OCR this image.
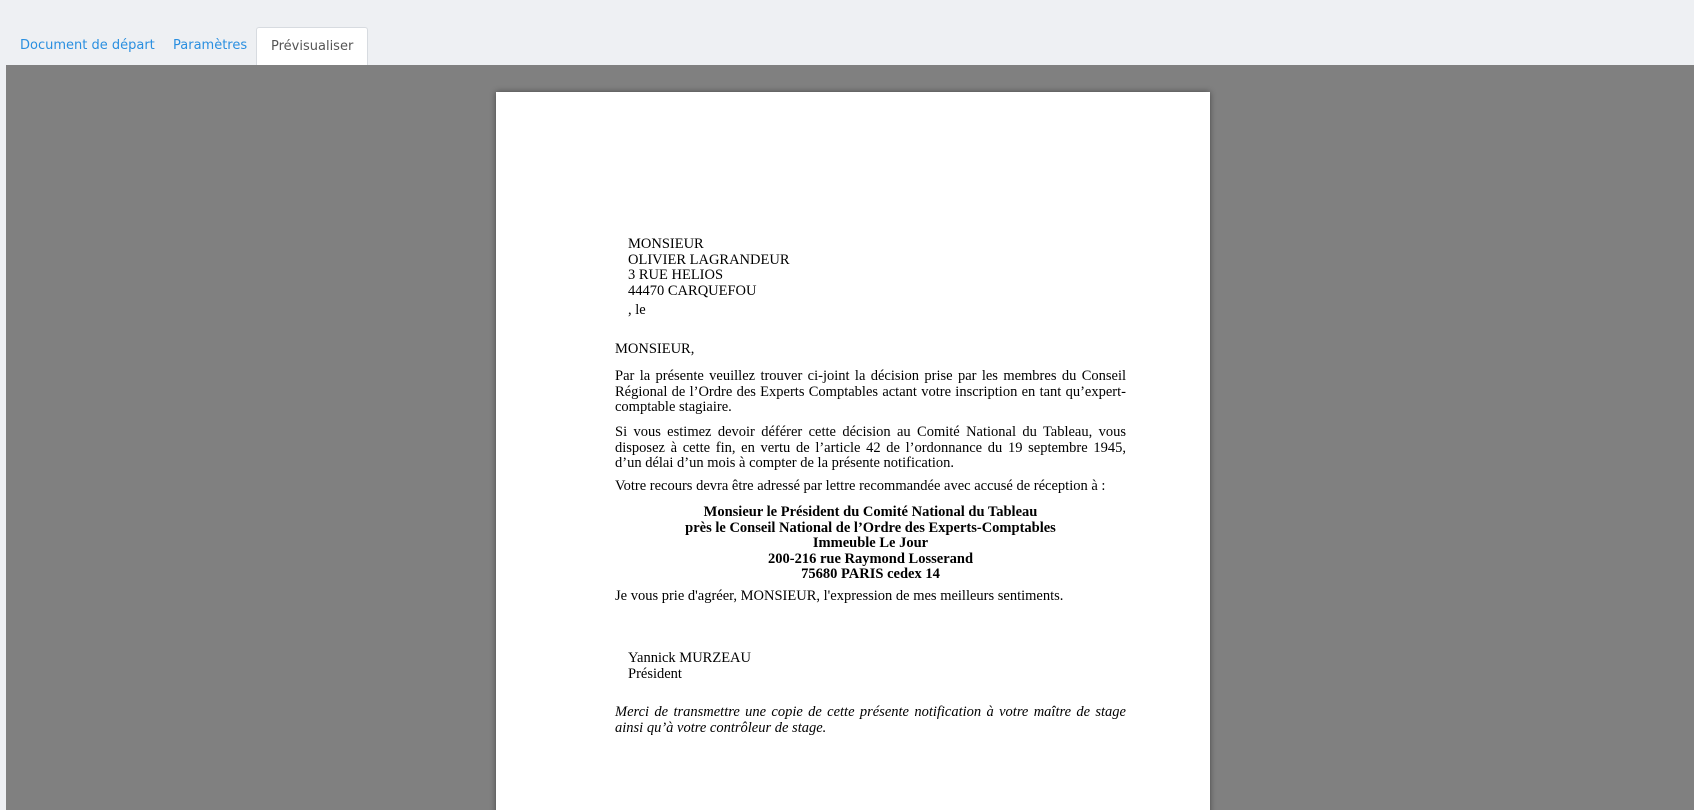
Document de départ Paramètres	Prévisualiser
MONSIEUR
OLIVIER LAGRANDEUR
3 RUE HELIOS
44470 CARQUEFOU
, le
MONSIEUR,
Par la présente veuillez trouver ci-joint la décision prise par les membres du Conseil Régional de l’Ordre des Experts Comptables actant votre inscription en tant qu’expert-comptable stagiaire.
Si vous estimez devoir déférer cette décision au Comité National du Tableau, vous disposez à cette fin, en vertu de l’article 42 de l’ordonnance du 19 septembre 1945, d’un délai d’un mois à compter de la présente notification.
Votre recours devra être adressé par lettre recommandée avec accusé de réception à :
Monsieur le Président du Comité National du Tableau
près le Conseil National de l’Ordre des Experts-Comptables
Immeuble Le Jour
200-216 rue Raymond Losserand
75680 PARIS cedex 14
Je vous prie d'agréer, MONSIEUR, l'expression de mes meilleurs sentiments.
Yannick MURZEAU
Président
Merci de transmettre une copie de cette présente notification à votre maître de stage ainsi qu’à votre contrôleur de stage.
